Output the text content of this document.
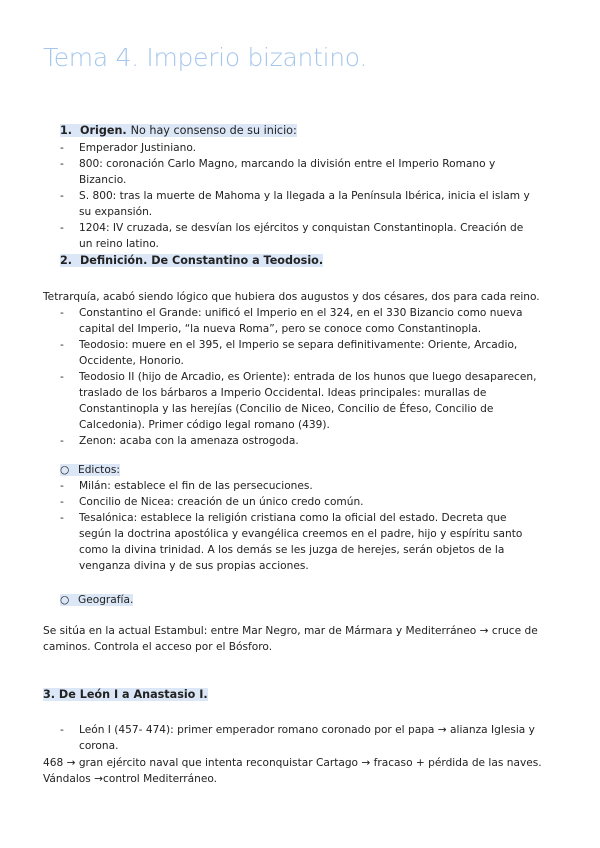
Tema 4. Imperio bizantino.
1. Origen. No hay consenso de su inicio:
- Emperador Justiniano.
- 800: coronación Carlo Magno, marcando la división entre el Imperio Romano y Bizancio.
- S. 800: tras la muerte de Mahoma y la llegada a la Península Ibérica, inicia el islam y su expansión.
- 1204: IV cruzada, se desvían los ejércitos y conquistan Constantinopla. Creación de un reino latino.
2. Definición. De Constantino a Teodosio.
Tetrarquía, acabó siendo lógico que hubiera dos augustos y dos césares, dos para cada reino.
- Constantino el Grande: unificó el Imperio en el 324, en el 330 Bizancio como nueva capital del Imperio, “la nueva Roma”, pero se conoce como Constantinopla.
- Teodosio: muere en el 395, el Imperio se separa definitivamente: Oriente, Arcadio, Occidente, Honorio.
- Teodosio II (hijo de Arcadio, es Oriente): entrada de los hunos que luego desaparecen, traslado de los bárbaros a Imperio Occidental. Ideas principales: murallas de Constantinopla y las herejías (Concilio de Niceo, Concilio de Éfeso, Concilio de Calcedonia). Primer código legal romano (439).
- Zenon: acaba con la amenaza ostrogoda.
○ Edictos:
- Milán: establece el fin de las persecuciones.
- Concilio de Nicea: creación de un único credo común.
- Tesalónica: establece la religión cristiana como la oficial del estado. Decreta que según la doctrina apostólica y evangélica creemos en el padre, hijo y espíritu santo como la divina trinidad. A los demás se les juzga de herejes, serán objetos de la venganza divina y de sus propias acciones.
○ Geografía.
Se sitúa en la actual Estambul: entre Mar Negro, mar de Mármara y Mediterráneo → cruce de caminos. Controla el acceso por el Bósforo.
3. De León I a Anastasio I.
- León I (457- 474): primer emperador romano coronado por el papa → alianza Iglesia y corona.
468 → gran ejército naval que intenta reconquistar Cartago → fracaso + pérdida de las naves.
Vándalos →control Mediterráneo.
